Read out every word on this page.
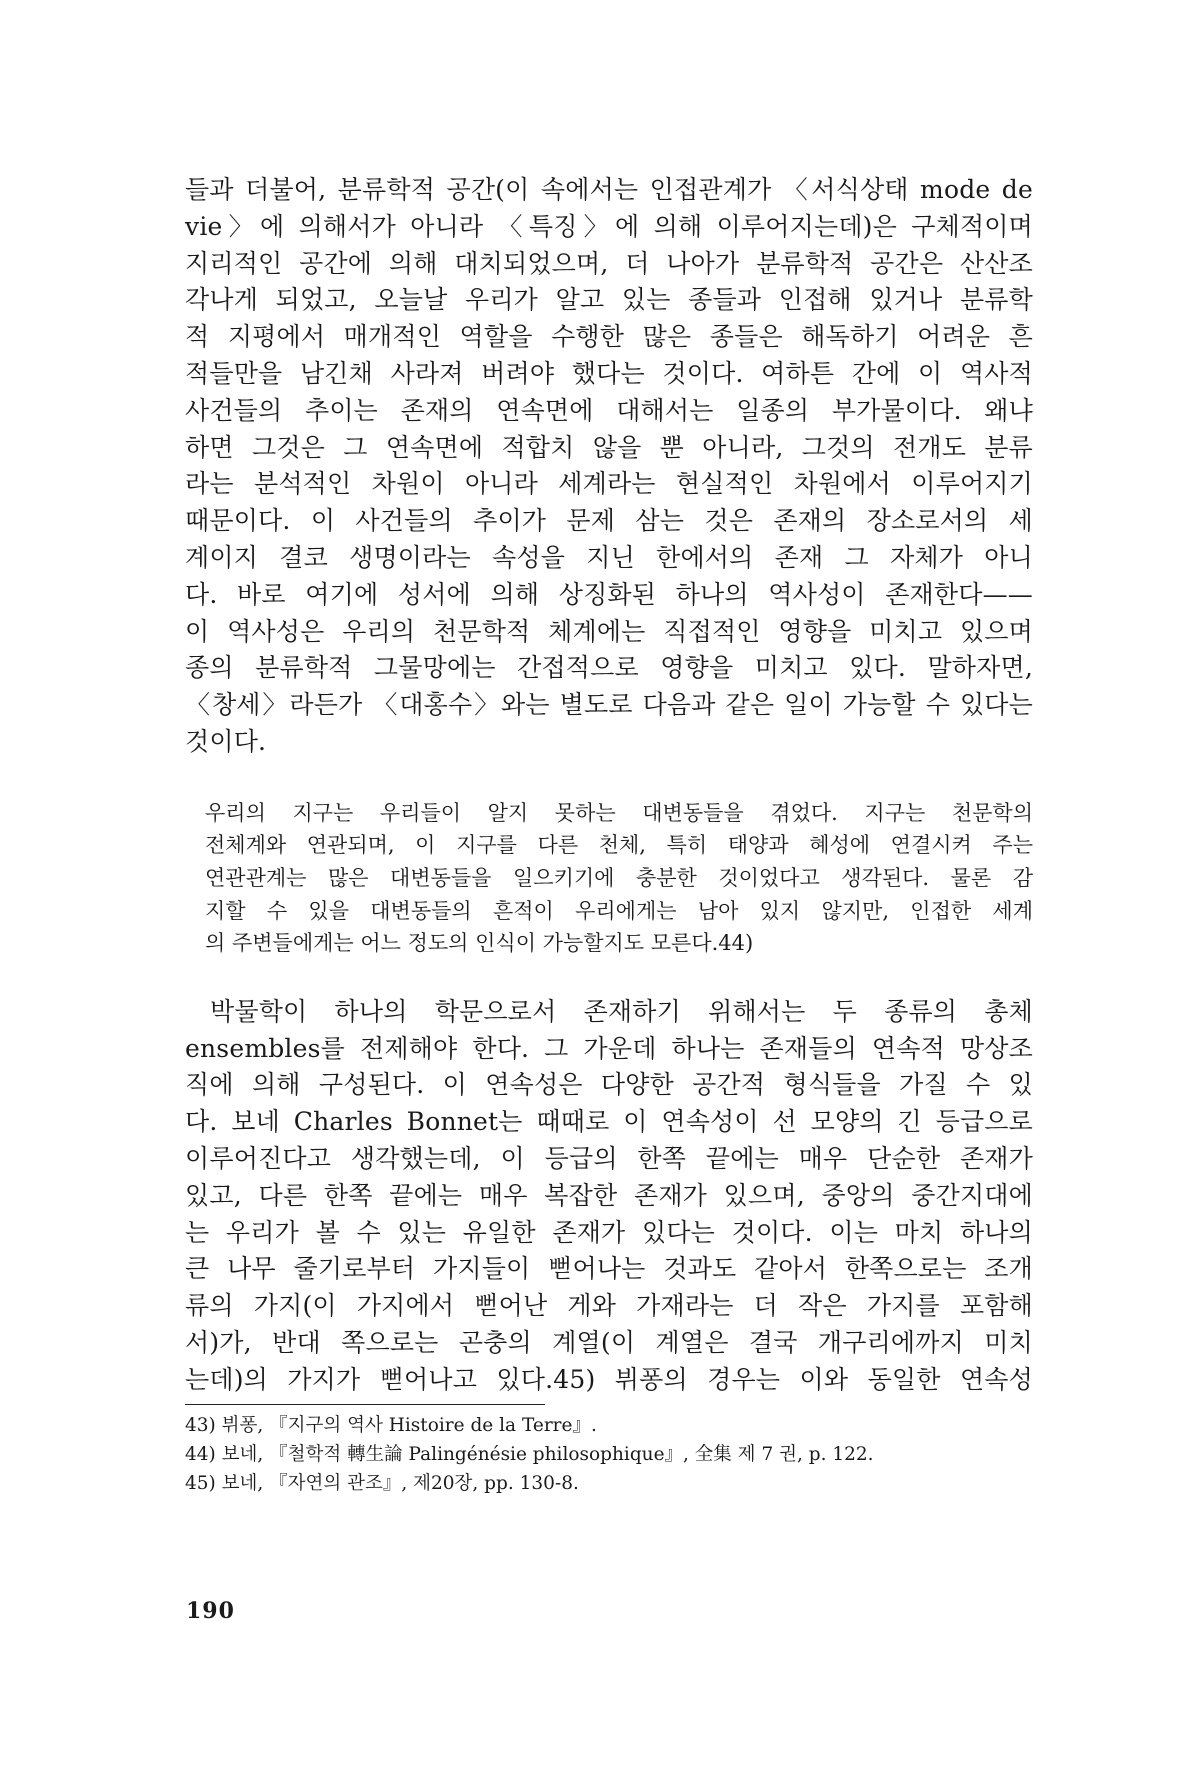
들과 더불어, 분류학적 공간(이 속에서는 인접관계가 〈서식상태 mode de
vie〉에 의해서가 아니라 〈특징〉에 의해 이루어지는데)은 구체적이며
지리적인 공간에 의해 대치되었으며, 더 나아가 분류학적 공간은 산산조
각나게 되었고, 오늘날 우리가 알고 있는 종들과 인접해 있거나 분류학
적 지평에서 매개적인 역할을 수행한 많은 종들은 해독하기 어려운 흔
적들만을 남긴채 사라져 버려야 했다는 것이다. 여하튼 간에 이 역사적
사건들의 추이는 존재의 연속면에 대해서는 일종의 부가물이다. 왜냐
하면 그것은 그 연속면에 적합치 않을 뿐 아니라, 그것의 전개도 분류
라는 분석적인 차원이 아니라 세계라는 현실적인 차원에서 이루어지기
때문이다. 이 사건들의 추이가 문제 삼는 것은 존재의 장소로서의 세
계이지 결코 생명이라는 속성을 지닌 한에서의 존재 그 자체가 아니
다. 바로 여기에 성서에 의해 상징화된 하나의 역사성이 존재한다——
이 역사성은 우리의 천문학적 체계에는 직접적인 영향을 미치고 있으며
종의 분류학적 그물망에는 간접적으로 영향을 미치고 있다. 말하자면,
〈창세〉라든가 〈대홍수〉와는 별도로 다음과 같은 일이 가능할 수 있다는
것이다.
우리의 지구는 우리들이 알지 못하는 대변동들을 겪었다. 지구는 천문학의
전체계와 연관되며, 이 지구를 다른 천체, 특히 태양과 혜성에 연결시켜 주는
연관관계는 많은 대변동들을 일으키기에 충분한 것이었다고 생각된다. 물론 감
지할 수 있을 대변동들의 흔적이 우리에게는 남아 있지 않지만, 인접한 세계
의 주변들에게는 어느 정도의 인식이 가능할지도 모른다.44)
박물학이 하나의 학문으로서 존재하기 위해서는 두 종류의 총체
ensembles를 전제해야 한다. 그 가운데 하나는 존재들의 연속적 망상조
직에 의해 구성된다. 이 연속성은 다양한 공간적 형식들을 가질 수 있
다. 보네 Charles Bonnet는 때때로 이 연속성이 선 모양의 긴 등급으로
이루어진다고 생각했는데, 이 등급의 한쪽 끝에는 매우 단순한 존재가
있고, 다른 한쪽 끝에는 매우 복잡한 존재가 있으며, 중앙의 중간지대에
는 우리가 볼 수 있는 유일한 존재가 있다는 것이다. 이는 마치 하나의
큰 나무 줄기로부터 가지들이 뻗어나는 것과도 같아서 한쪽으로는 조개
류의 가지(이 가지에서 뻗어난 게와 가재라는 더 작은 가지를 포함해
서)가, 반대 쪽으로는 곤충의 계열(이 계열은 결국 개구리에까지 미치
는데)의 가지가 뻗어나고 있다.45) 뷔퐁의 경우는 이와 동일한 연속성
43) 뷔퐁, 『지구의 역사 Histoire de la Terre』.
44) 보네, 『철학적 轉生論 Palingénésie philosophique』, 全集 제 7 권, p. 122.
45) 보네, 『자연의 관조』, 제20장, pp. 130-8.
190
